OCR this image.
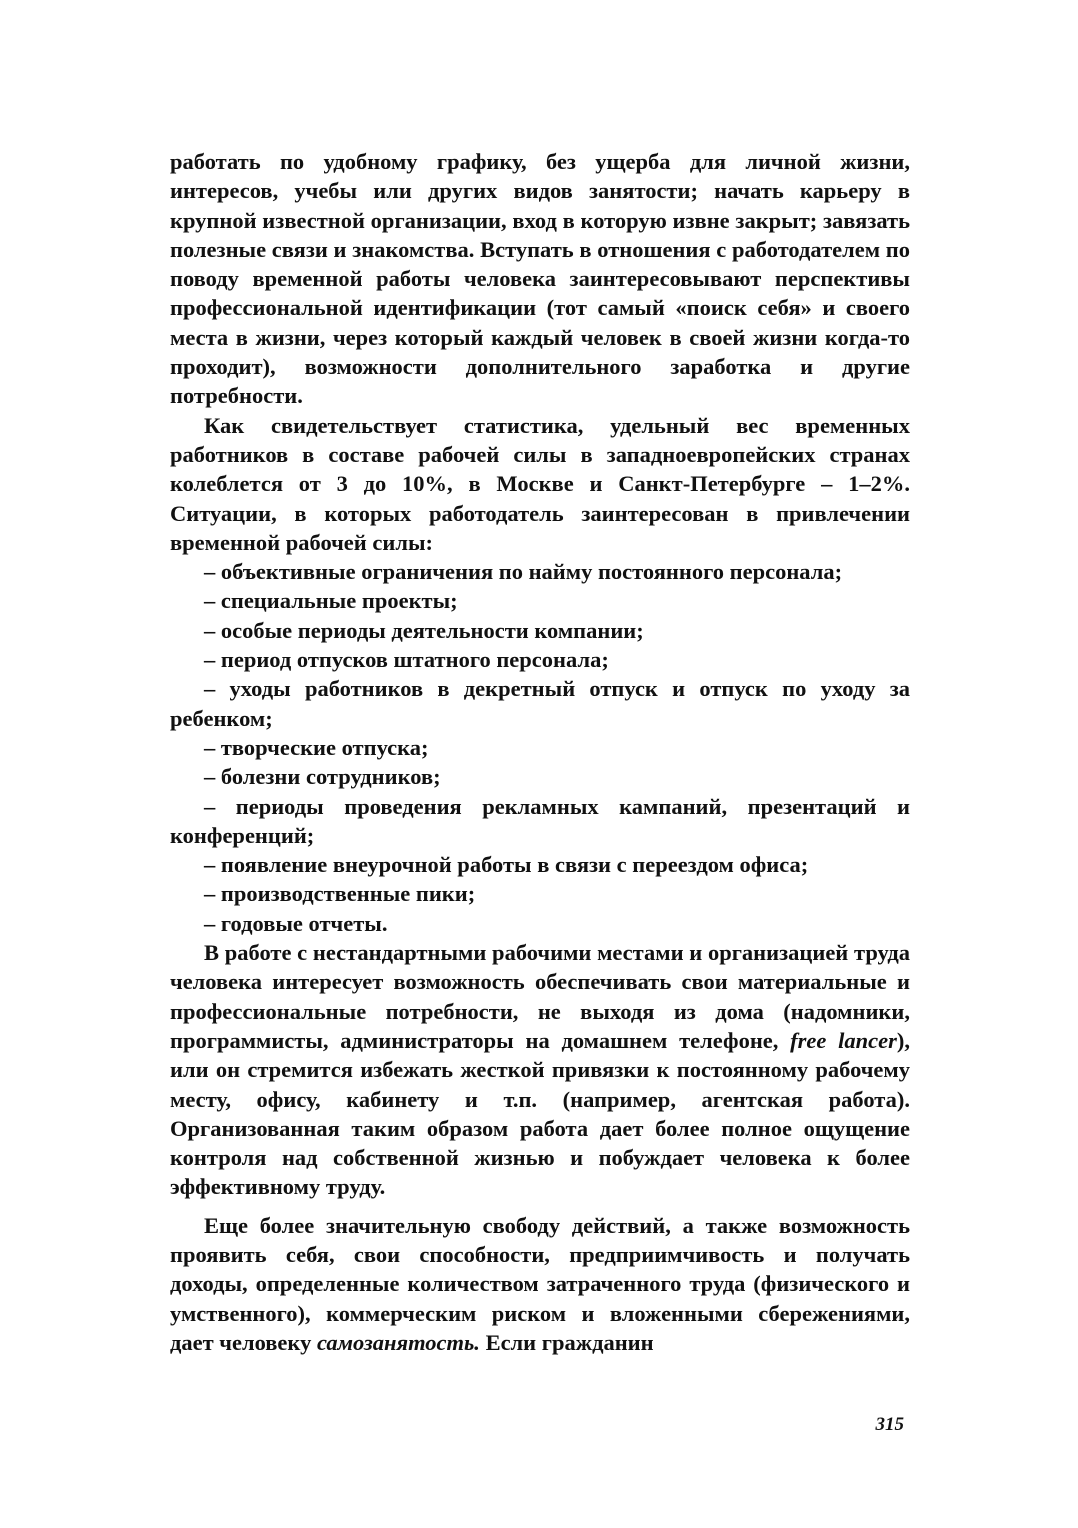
работать по удобному графику, без ущерба для личной жизни, интересов, учебы или других видов занятости; начать карьеру в крупной известной организации, вход в которую извне закрыт; завязать полезные связи и знакомства. Вступать в отношения с работодателем по поводу временной работы человека заинтересовывают перспективы профессиональной идентификации (тот самый «поиск себя» и своего места в жизни, через который каждый человек в своей жизни когда-то проходит), возможности дополнительного заработка и другие потребности.

Как свидетельствует статистика, удельный вес временных работников в составе рабочей силы в западноевропейских странах колеблется от 3 до 10%, в Москве и Санкт-Петербурге – 1–2%. Ситуации, в которых работодатель заинтересован в привлечении временной рабочей силы:

– объективные ограничения по найму постоянного персонала;

– специальные проекты;

– особые периоды деятельности компании;

– период отпусков штатного персонала;

– уходы работников в декретный отпуск и отпуск по уходу за ребенком;

– творческие отпуска;

– болезни сотрудников;

– периоды проведения рекламных кампаний, презентаций и конференций;

– появление внеурочной работы в связи с переездом офиса;

– производственные пики;

– годовые отчеты.

В работе с нестандартными рабочими местами и организацией труда человека интересует возможность обеспечивать свои материальные и профессиональные потребности, не выходя из дома (надомники, программисты, администраторы на домашнем телефоне, free lancer), или он стремится избежать жесткой привязки к постоянному рабочему месту, офису, кабинету и т.п. (например, агентская работа). Организованная таким образом работа дает более полное ощущение контроля над собственной жизнью и побуждает человека к более эффективному труду.

Еще более значительную свободу действий, а также возможность проявить себя, свои способности, предприимчивость и получать доходы, определенные количеством затраченного труда (физического и умственного), коммерческим риском и вложенными сбережениями, дает человеку самозанятость. Если гражданин

315
